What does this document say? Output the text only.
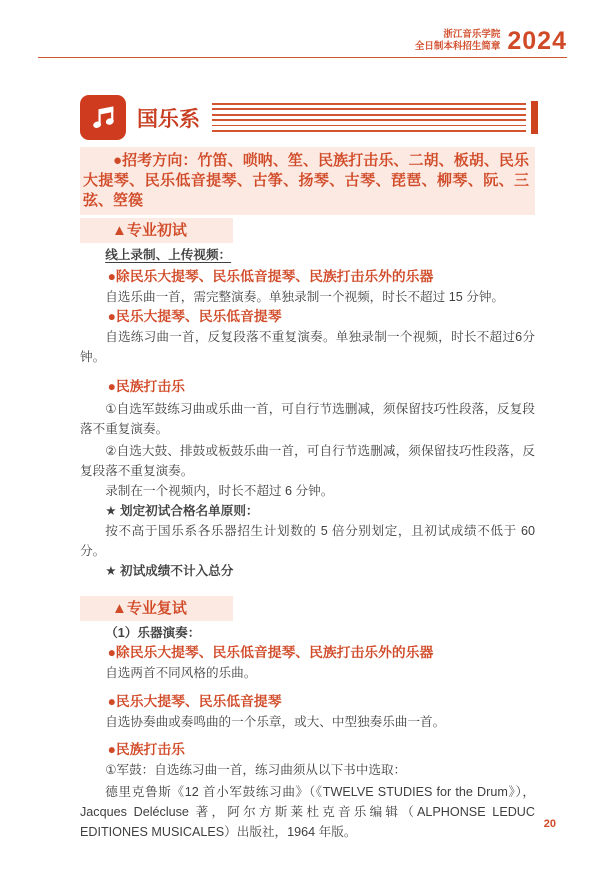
浙江音乐学院
全日制本科招生简章 2024
国乐系

●招考方向：竹笛、唢呐、笙、民族打击乐、二胡、板胡、民乐大提琴、民乐低音提琴、古筝、扬琴、古琴、琵琶、柳琴、阮、三弦、箜篌

▲专业初试

线上录制、上传视频：

●除民乐大提琴、民乐低音提琴、民族打击乐外的乐器

自选乐曲一首，需完整演奏。单独录制一个视频，时长不超过 15 分钟。

●民乐大提琴、民乐低音提琴

自选练习曲一首，反复段落不重复演奏。单独录制一个视频，时长不超过6分钟。

●民族打击乐

①自选军鼓练习曲或乐曲一首，可自行节选删减，须保留技巧性段落，反复段落不重复演奏。

②自选大鼓、排鼓或板鼓乐曲一首，可自行节选删减，须保留技巧性段落，反复段落不重复演奏。

录制在一个视频内，时长不超过 6 分钟。

★ 划定初试合格名单原则：

按不高于国乐系各乐器招生计划数的 5 倍分别划定，且初试成绩不低于 60 分。

★ 初试成绩不计入总分

▲专业复试

（1）乐器演奏：

●除民乐大提琴、民乐低音提琴、民族打击乐外的乐器

自选两首不同风格的乐曲。

●民乐大提琴、民乐低音提琴

自选协奏曲或奏鸣曲的一个乐章，或大、中型独奏乐曲一首。

●民族打击乐

①军鼓：自选练习曲一首，练习曲须从以下书中选取：

德里克鲁斯《12 首小军鼓练习曲》（《TWELVE STUDIES for the Drum》），Jacques Delécluse 著，阿尔方斯莱杜克音乐编辑（ALPHONSE LEDUC EDITIONES MUSICALES）出版社，1964 年版。

20
